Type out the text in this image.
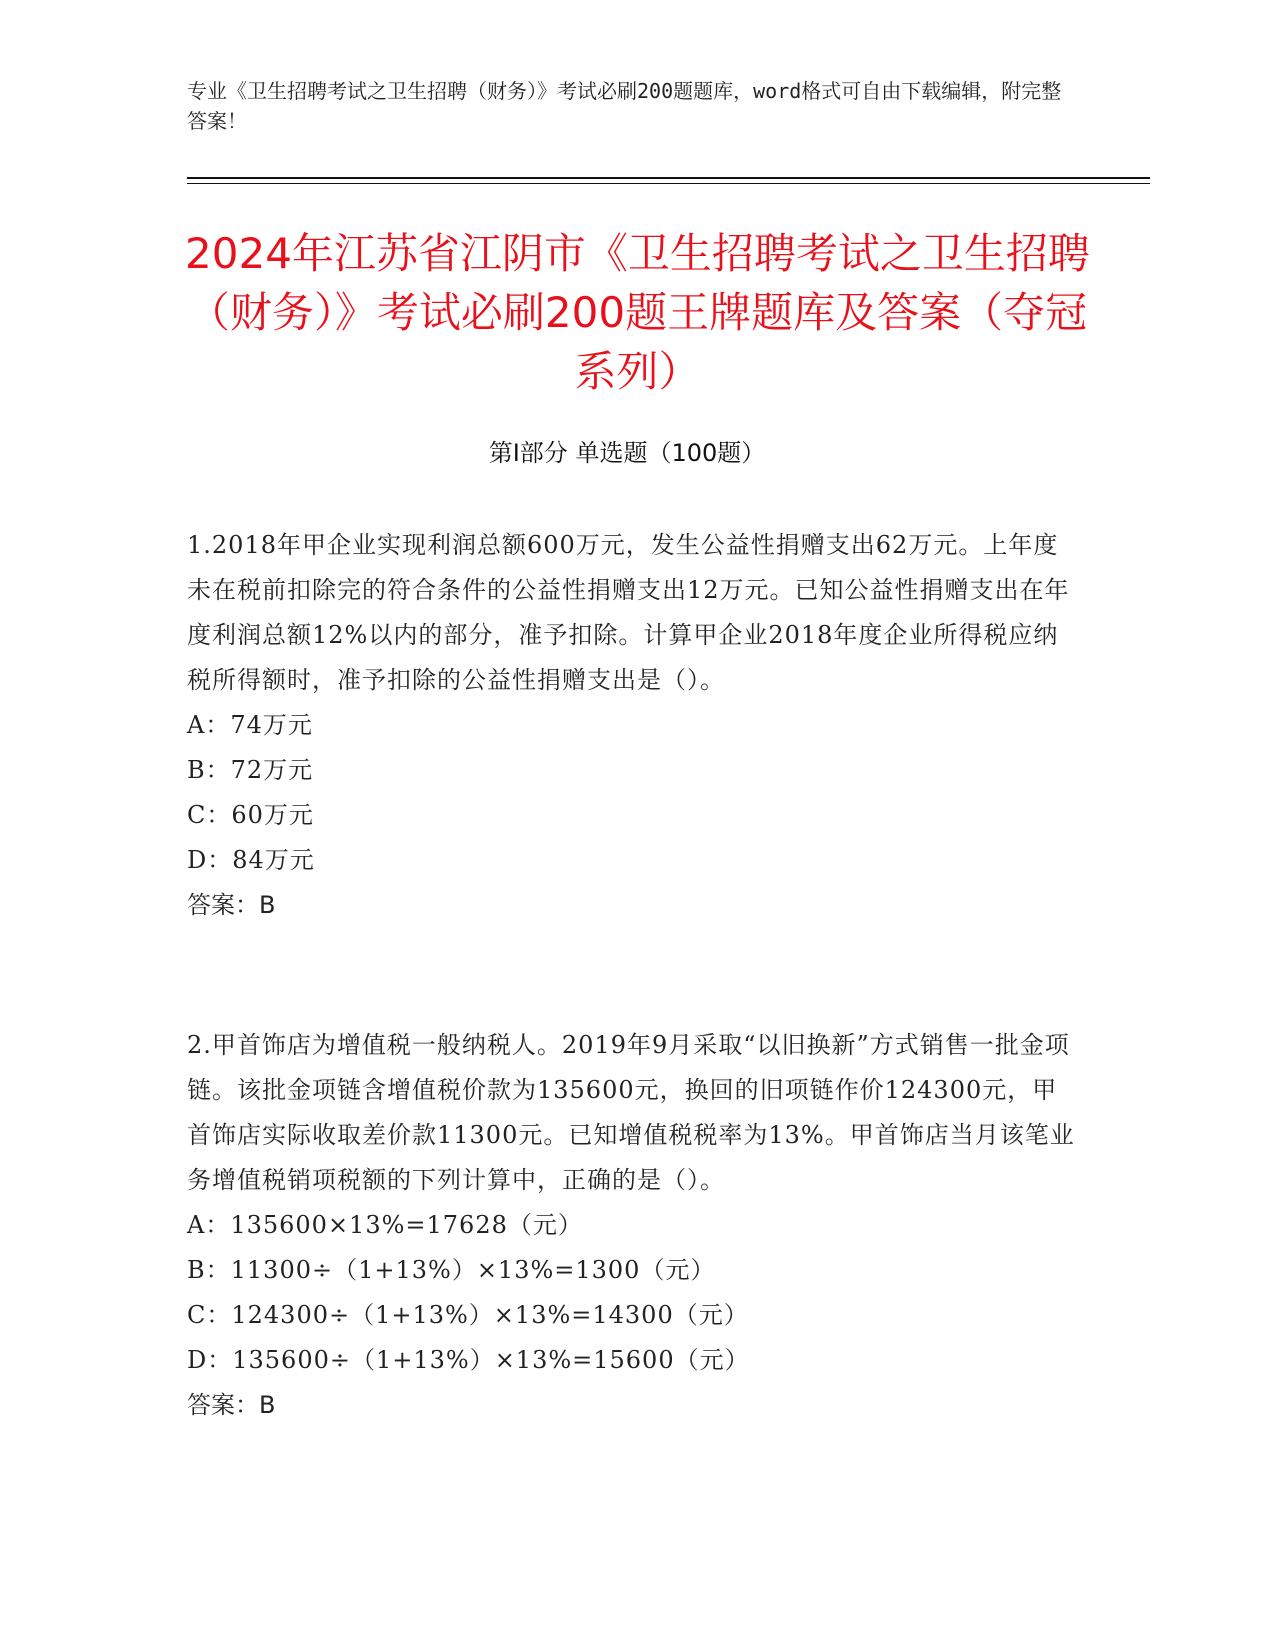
专业《卫生招聘考试之卫生招聘（财务）》考试必刷200题题库，word格式可自由下载编辑，附完整答案！

2024年江苏省江阴市《卫生招聘考试之卫生招聘（财务）》考试必刷200题王牌题库及答案（夺冠系列）
第I部分 单选题（100题）

1.2018年甲企业实现利润总额600万元，发生公益性捐赠支出62万元。上年度未在税前扣除完的符合条件的公益性捐赠支出12万元。已知公益性捐赠支出在年度利润总额12%以内的部分，准予扣除。计算甲企业2018年度企业所得税应纳税所得额时，准予扣除的公益性捐赠支出是（）。

A：74万元

B：72万元

C：60万元

D：84万元

答案：B

2.甲首饰店为增值税一般纳税人。2019年9月采取“以旧换新”方式销售一批金项链。该批金项链含增值税价款为135600元，换回的旧项链作价124300元，甲首饰店实际收取差价款11300元。已知增值税税率为13%。甲首饰店当月该笔业务增值税销项税额的下列计算中，正确的是（）。

A：135600×13%=17628（元）

B：11300÷（1+13%）×13%=1300（元）

C：124300÷（1+13%）×13%=14300（元）

D：135600÷（1+13%）×13%=15600（元）

答案：B
